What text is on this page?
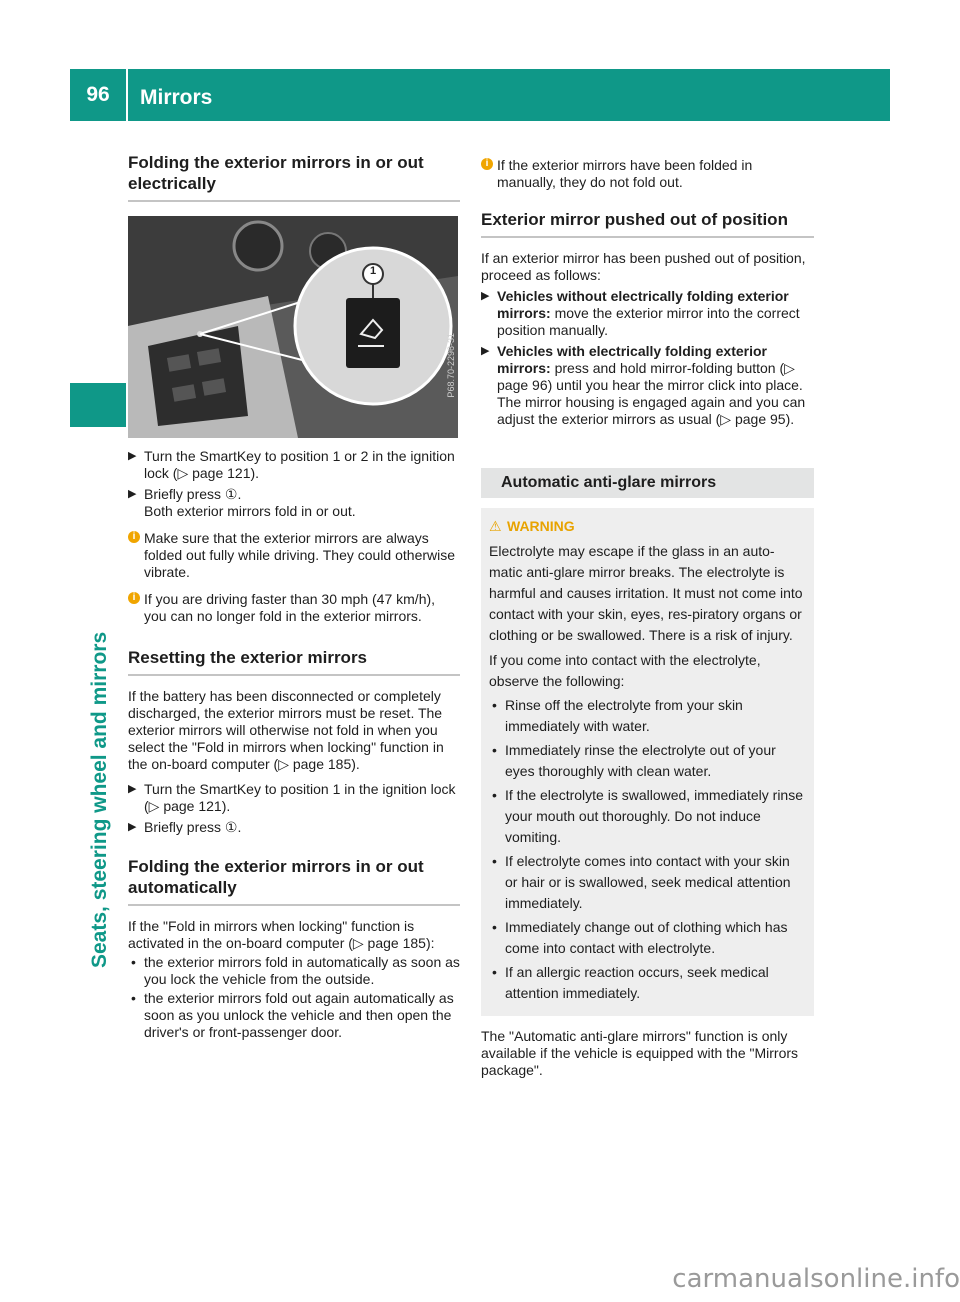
96 Mirrors
Seats, steering wheel and mirrors
Folding the exterior mirrors in or out electrically
1
P68.70-2296-31
▶ Turn the SmartKey to position 1 or 2 in the ignition lock (▷ page 121).
▶ Briefly press ①.
Both exterior mirrors fold in or out.
i Make sure that the exterior mirrors are always folded out fully while driving. They could otherwise vibrate.
i If you are driving faster than 30 mph (47 km/h), you can no longer fold in the exterior mirrors.
Resetting the exterior mirrors

If the battery has been disconnected or completely discharged, the exterior mirrors must be reset. The exterior mirrors will otherwise not fold in when you select the "Fold in mirrors when locking" function in the on-board computer (▷ page 185).

▶ Turn the SmartKey to position 1 in the ignition lock (▷ page 121).
▶ Briefly press ①.
Folding the exterior mirrors in or out automatically

If the "Fold in mirrors when locking" function is activated in the on-board computer (▷ page 185):

• the exterior mirrors fold in automatically as soon as you lock the vehicle from the outside.
• the exterior mirrors fold out again automatically as soon as you unlock the vehicle and then open the driver's or front-passenger door.
i If the exterior mirrors have been folded in manually, they do not fold out.
Exterior mirror pushed out of position

If an exterior mirror has been pushed out of position, proceed as follows:

▶ Vehicles without electrically folding exterior mirrors: move the exterior mirror into the correct position manually.
▶ Vehicles with electrically folding exterior mirrors: press and hold mirror-folding button (▷ page 96) until you hear the mirror click into place.
The mirror housing is engaged again and you can adjust the exterior mirrors as usual (▷ page 95).
Automatic anti-glare mirrors
⚠ WARNING

Electrolyte may escape if the glass in an auto-matic anti-glare mirror breaks. The electrolyte is harmful and causes irritation. It must not come into contact with your skin, eyes, res-piratory organs or clothing or be swallowed. There is a risk of injury.

If you come into contact with the electrolyte, observe the following:

• Rinse off the electrolyte from your skin immediately with water.
• Immediately rinse the electrolyte out of your eyes thoroughly with clean water.
• If the electrolyte is swallowed, immediately rinse your mouth out thoroughly. Do not induce vomiting.
• If electrolyte comes into contact with your skin or hair or is swallowed, seek medical attention immediately.
• Immediately change out of clothing which has come into contact with electrolyte.
• If an allergic reaction occurs, seek medical attention immediately.

The "Automatic anti-glare mirrors" function is only available if the vehicle is equipped with the "Mirrors package".

carmanualsonline.info
